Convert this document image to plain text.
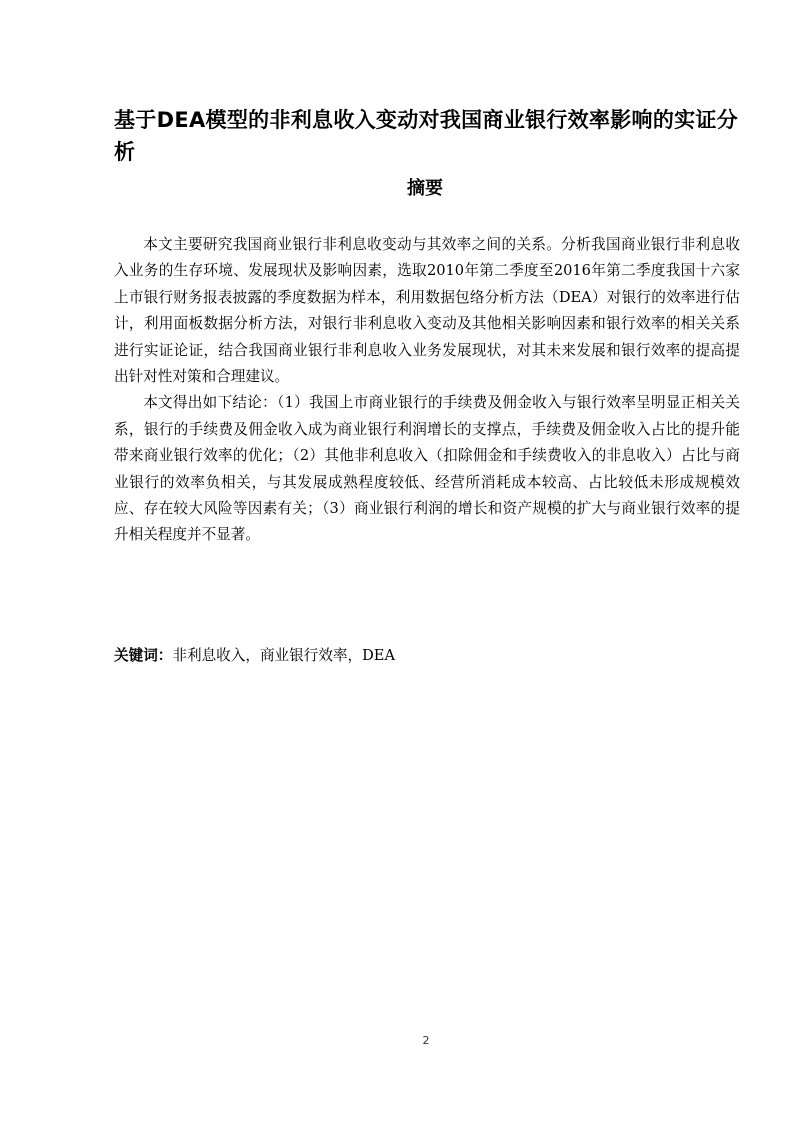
基于DEA模型的非利息收入变动对我国商业银行效率影响的实证分析
摘要

本文主要研究我国商业银行非利息收变动与其效率之间的关系。分析我国商业银行非利息收入业务的生存环境、发展现状及影响因素，选取2010年第二季度至2016年第二季度我国十六家上市银行财务报表披露的季度数据为样本，利用数据包络分析方法（DEA）对银行的效率进行估计，利用面板数据分析方法，对银行非利息收入变动及其他相关影响因素和银行效率的相关关系进行实证论证，结合我国商业银行非利息收入业务发展现状，对其未来发展和银行效率的提高提出针对性对策和合理建议。

本文得出如下结论：（1）我国上市商业银行的手续费及佣金收入与银行效率呈明显正相关关系，银行的手续费及佣金收入成为商业银行利润增长的支撑点，手续费及佣金收入占比的提升能带来商业银行效率的优化；（2）其他非利息收入（扣除佣金和手续费收入的非息收入）占比与商业银行的效率负相关，与其发展成熟程度较低、经营所消耗成本较高、占比较低未形成规模效应、存在较大风险等因素有关；（3）商业银行利润的增长和资产规模的扩大与商业银行效率的提升相关程度并不显著。

关键词：非利息收入，商业银行效率，DEA
2
